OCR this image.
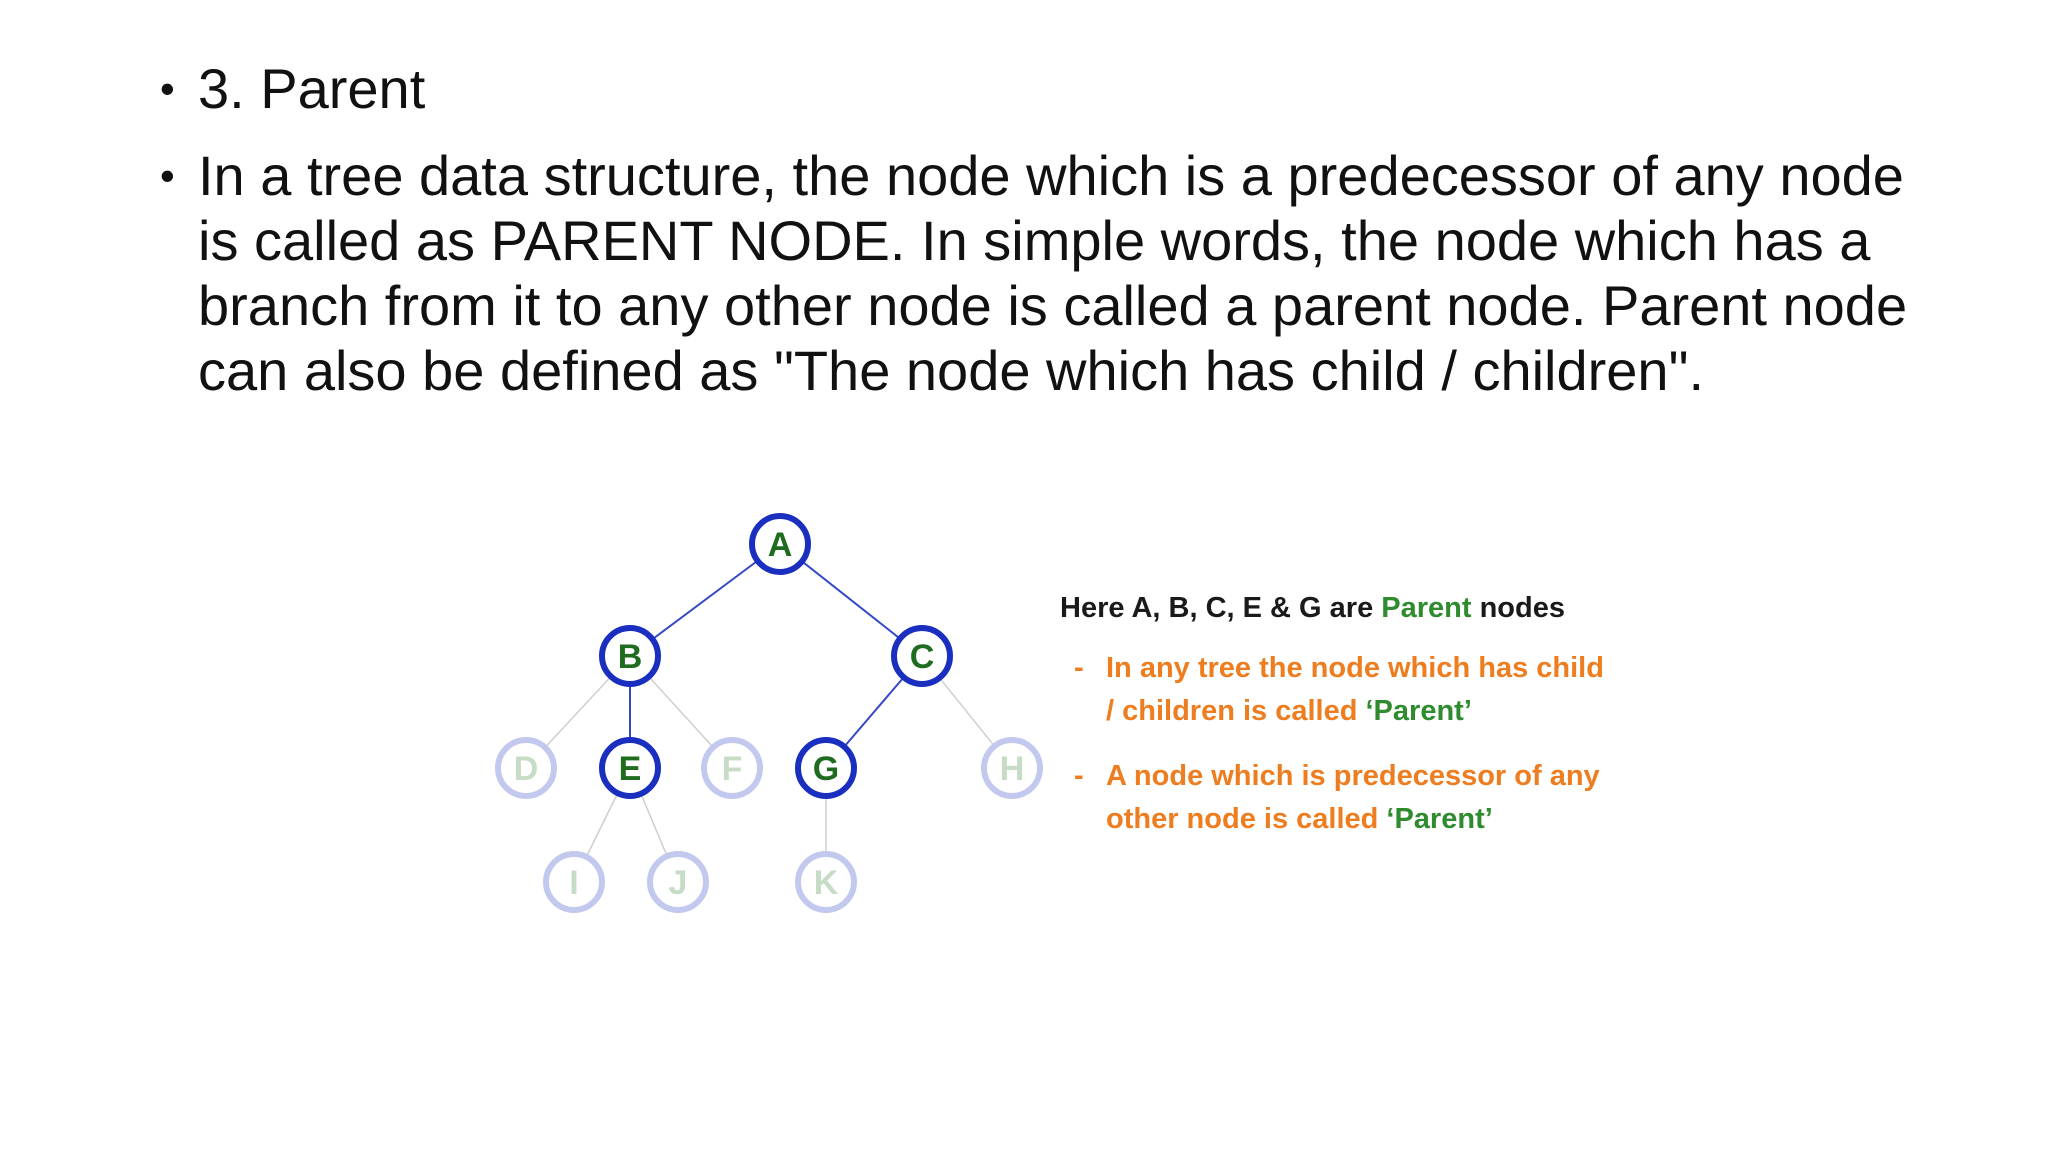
• 3. Parent
• In a tree data structure, the node which is a predecessor of any node is called as PARENT NODE. In simple words, the node which has a branch from it to any other node is called a parent node. Parent node can also be defined as "The node which has child / children".
A
B	C
D E F G	H
I	J	K
Here A, B, C, E & G are Parent nodes
- In any tree the node which has child / children is called ‘Parent’
- A node which is predecessor of any other node is called ‘Parent’
